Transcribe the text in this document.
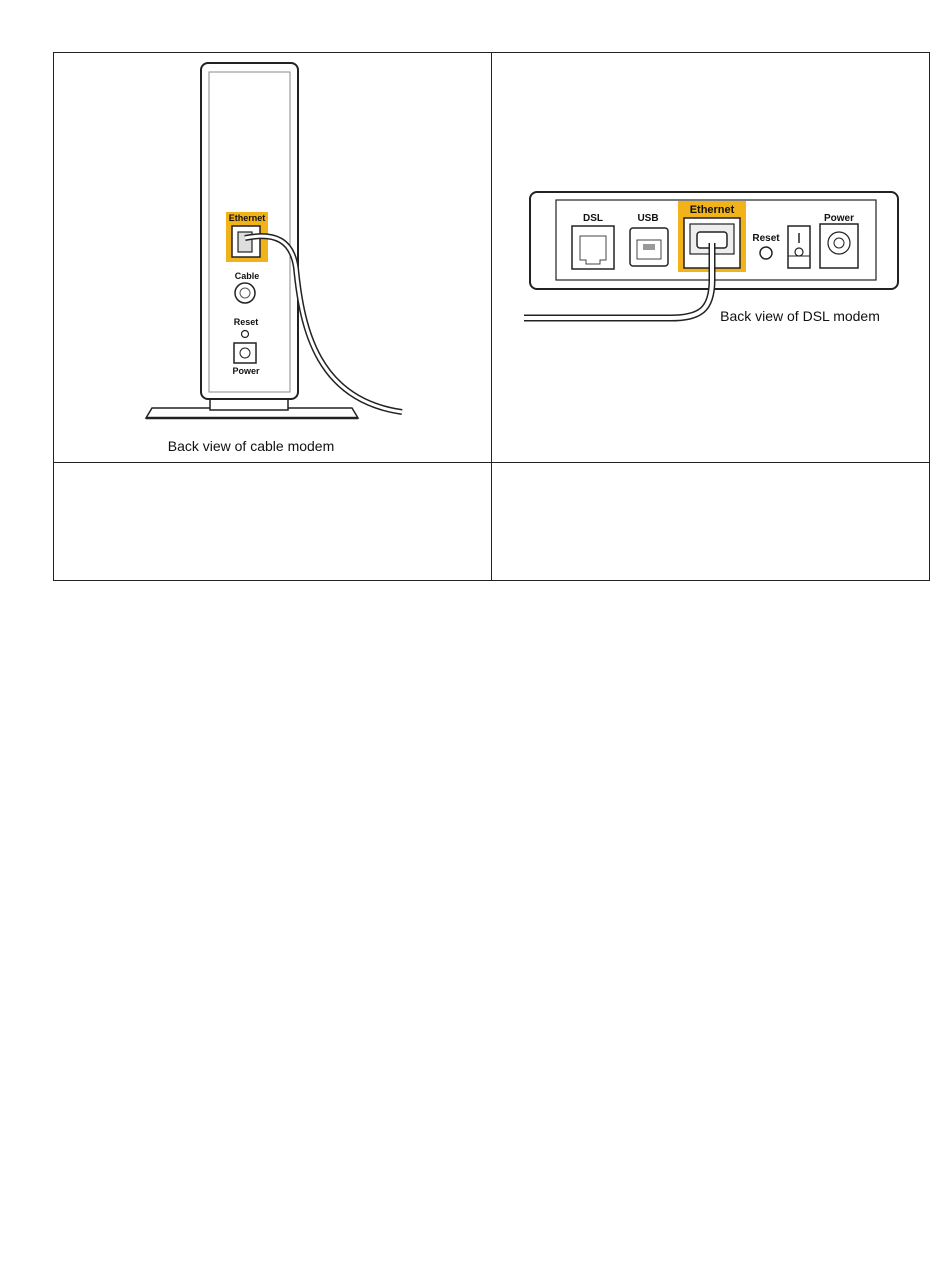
Ethernet
Cable
Reset
Power
Back view of cable modem
DSL	USB
Ethernet
Reset
Power
Back view of DSL modem
